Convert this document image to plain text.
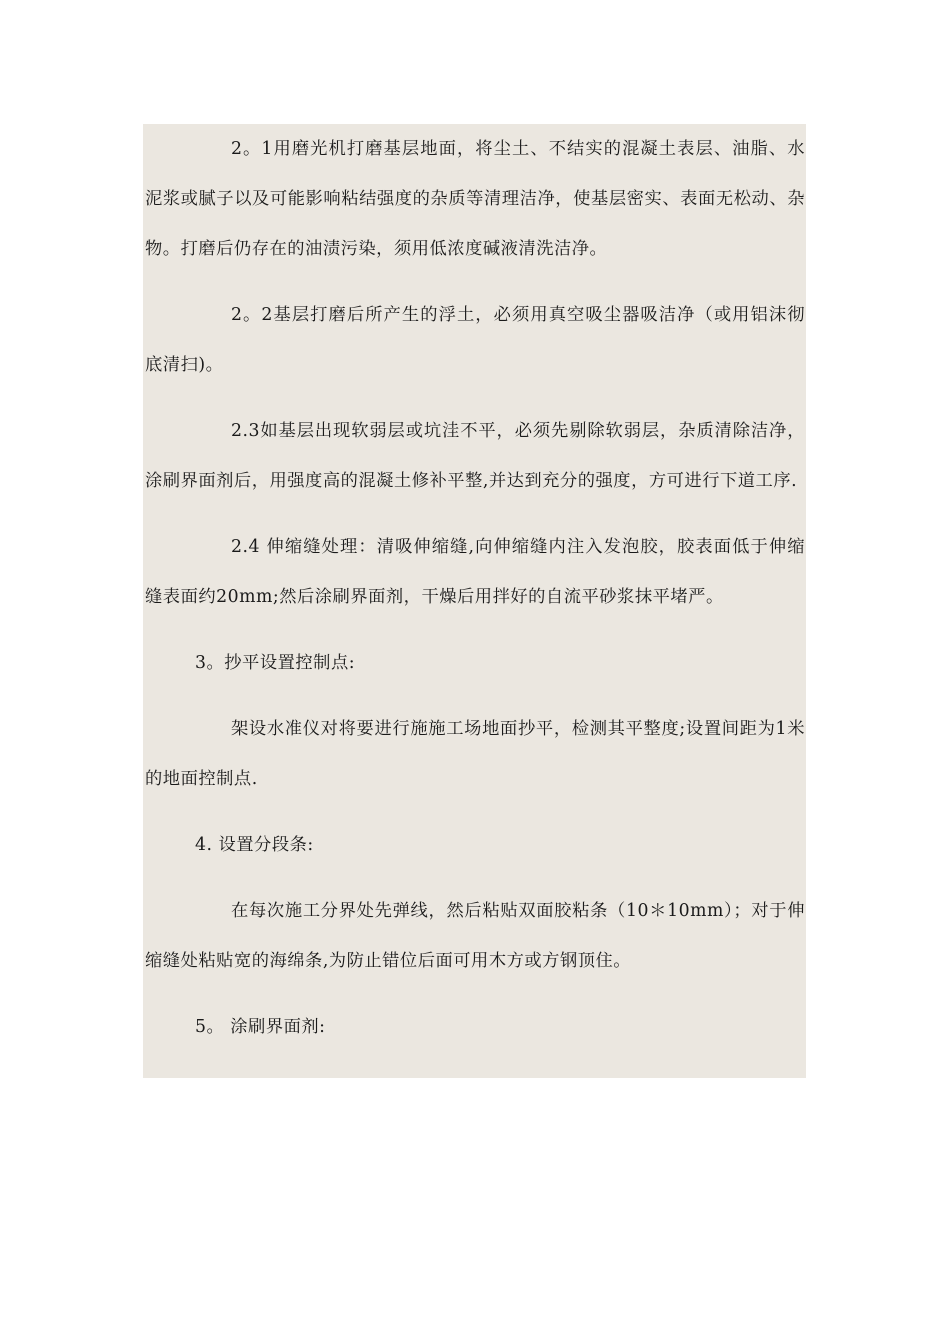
2。1用磨光机打磨基层地面，将尘土、不结实的混凝土表层、油脂、水泥浆或腻子以及可能影响粘结强度的杂质等清理洁净，使基层密实、表面无松动、杂物。打磨后仍存在的油渍污染，须用低浓度碱液清洗洁净。

2。2基层打磨后所产生的浮土，必须用真空吸尘器吸洁净（或用铝沫彻底清扫)。

2.3如基层出现软弱层或坑洼不平，必须先剔除软弱层，杂质清除洁净，涂刷界面剂后，用强度高的混凝土修补平整,并达到充分的强度，方可进行下道工序.

2.4 伸缩缝处理：清吸伸缩缝,向伸缩缝内注入发泡胶，胶表面低于伸缩缝表面约20mm;然后涂刷界面剂，干燥后用拌好的自流平砂浆抹平堵严。

3。抄平设置控制点:

架设水准仪对将要进行施施工场地面抄平，检测其平整度;设置间距为1米的地面控制点.

4. 设置分段条:

在每次施工分界处先弹线，然后粘贴双面胶粘条（10＊10mm）；对于伸缩缝处粘贴宽的海绵条,为防止错位后面可用木方或方钢顶住。

5。 涂刷界面剂:
